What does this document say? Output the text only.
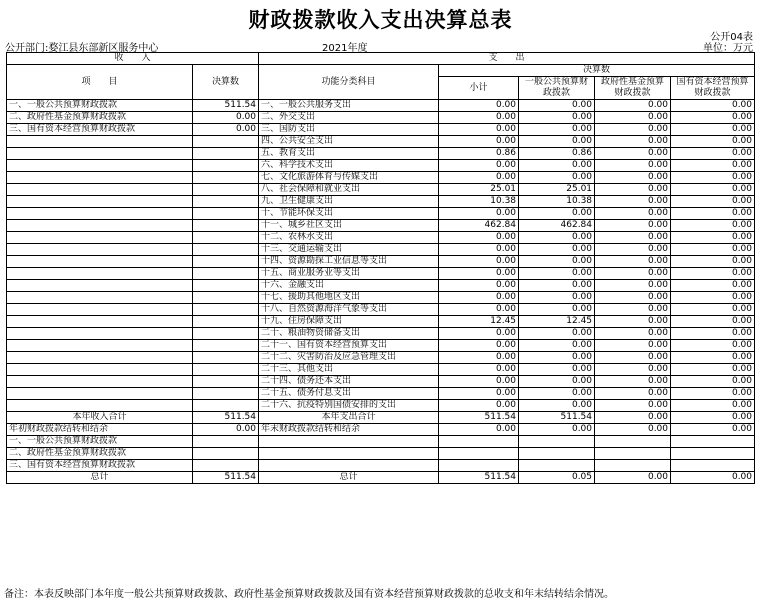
财政拨款收入支出决算总表
公开04表
公开部门:婺江县东部新区服务中心	2021年度	单位：万元
收　　入		支　　出				
项　　目	决算数	功能分类科目	决算数			
			小计	一般公共预算财政拨款	政府性基金预算财政拨款	国有资本经营预算财政拨款

一、一般公共预算财政拨款	511.54	一、一般公共服务支出	0.00	0.00	0.00	0.00
二、政府性基金预算财政拨款	0.00	二、外交支出	0.00	0.00	0.00	0.00
三、国有资本经营预算财政拨款	0.00	三、国防支出	0.00	0.00	0.00	0.00
		四、公共安全支出	0.00	0.00	0.00	0.00
		五、教育支出	0.86	0.86	0.00	0.00
		六、科学技术支出	0.00	0.00	0.00	0.00
		七、文化旅游体育与传媒支出	0.00	0.00	0.00	0.00
		八、社会保障和就业支出	25.01	25.01	0.00	0.00
		九、卫生健康支出	10.38	10.38	0.00	0.00
		十、节能环保支出	0.00	0.00	0.00	0.00
		十一、城乡社区支出	462.84	462.84	0.00	0.00
		十二、农林水支出	0.00	0.00	0.00	0.00
		十三、交通运输支出	0.00	0.00	0.00	0.00
		十四、资源勘探工业信息等支出	0.00	0.00	0.00	0.00
		十五、商业服务业等支出	0.00	0.00	0.00	0.00
		十六、金融支出	0.00	0.00	0.00	0.00
		十七、援助其他地区支出	0.00	0.00	0.00	0.00
		十八、自然资源海洋气象等支出	0.00	0.00	0.00	0.00
		十九、住房保障支出	12.45	12.45	0.00	0.00
		二十、粮油物资储备支出	0.00	0.00	0.00	0.00
		二十一、国有资本经营预算支出	0.00	0.00	0.00	0.00
		二十二、灾害防治及应急管理支出	0.00	0.00	0.00	0.00
		二十三、其他支出	0.00	0.00	0.00	0.00
		二十四、债务还本支出	0.00	0.00	0.00	0.00
		二十五、债务付息支出	0.00	0.00	0.00	0.00
		二十六、抗疫特别国债安排的支出	0.00	0.00	0.00	0.00
本年收入合计	511.54	本年支出合计	511.54	511.54	0.00	0.00
年初财政拨款结转和结余	0.00	年末财政拨款结转和结余	0.00	0.00	0.00	0.00
一、一般公共预算财政拨款						
二、政府性基金预算财政拨款						
三、国有资本经营预算财政拨款						
总计	511.54	总计	511.54	0.05	0.00	0.00
备注：本表反映部门本年度一般公共预算财政拨款、政府性基金预算财政拨款及国有资本经营预算财政拨款的总收支和年末结转结余情况。
